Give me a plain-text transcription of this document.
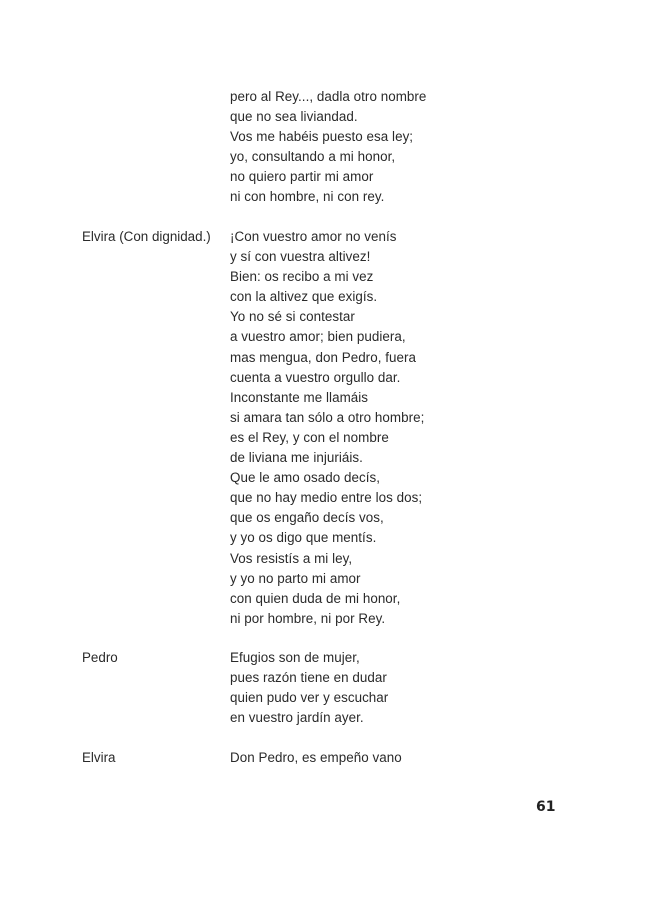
pero al Rey..., dadla otro nombre
que no sea liviandad.
Vos me habéis puesto esa ley;
yo, consultando a mi honor,
no quiero partir mi amor
ni con hombre, ni con rey.
Elvira (Con dignidad.) ¡Con vuestro amor no venís
y sí con vuestra altivez!
Bien: os recibo a mi vez
con la altivez que exigís.
Yo no sé si contestar
a vuestro amor; bien pudiera,
mas mengua, don Pedro, fuera
cuenta a vuestro orgullo dar.
Inconstante me llamáis
si amara tan sólo a otro hombre;
es el Rey, y con el nombre
de liviana me injuriáis.
Que le amo osado decís,
que no hay medio entre los dos;
que os engaño decís vos,
y yo os digo que mentís.
Vos resistís a mi ley,
y yo no parto mi amor
con quien duda de mi honor,
ni por hombre, ni por Rey.
Pedro	Efugios son de mujer,
pues razón tiene en dudar
quien pudo ver y escuchar
en vuestro jardín ayer.
Elvira	Don Pedro, es empeño vano
61
